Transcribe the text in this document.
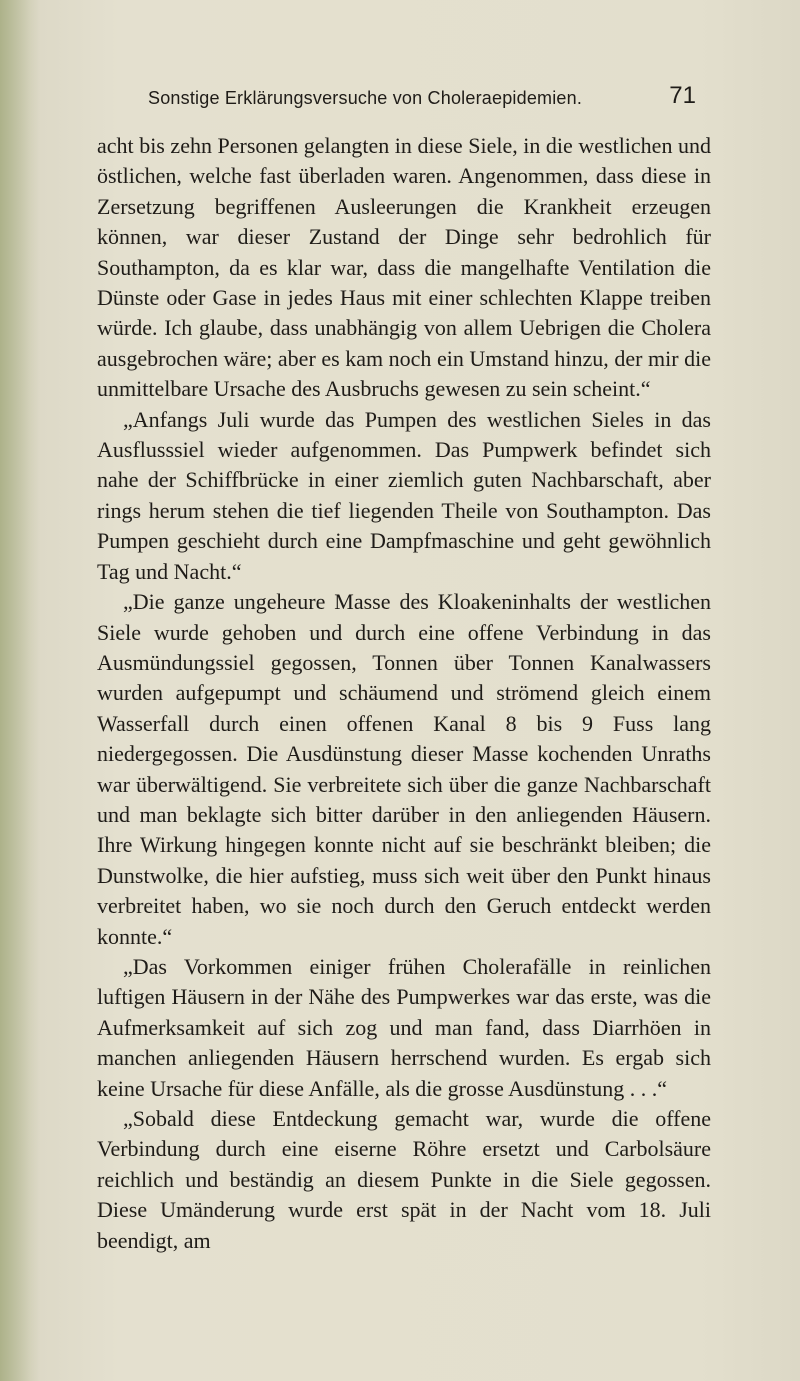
Sonstige Erklärungsversuche von Choleraepidemien.	71

acht bis zehn Personen gelangten in diese Siele, in die westlichen und östlichen, welche fast überladen waren. Angenommen, dass diese in Zersetzung begriffenen Ausleerungen die Krankheit erzeugen können, war dieser Zustand der Dinge sehr bedrohlich für Southampton, da es klar war, dass die mangelhafte Ventilation die Dünste oder Gase in jedes Haus mit einer schlechten Klappe treiben würde. Ich glaube, dass unabhängig von allem Uebrigen die Cholera ausgebrochen wäre; aber es kam noch ein Umstand hinzu, der mir die unmittelbare Ursache des Ausbruchs gewesen zu sein scheint.“

„Anfangs Juli wurde das Pumpen des westlichen Sieles in das Ausflusssiel wieder aufgenommen. Das Pumpwerk befindet sich nahe der Schiffbrücke in einer ziemlich guten Nachbarschaft, aber rings herum stehen die tief liegenden Theile von Southampton. Das Pumpen geschieht durch eine Dampfmaschine und geht gewöhnlich Tag und Nacht.“

„Die ganze ungeheure Masse des Kloakeninhalts der westlichen Siele wurde gehoben und durch eine offene Verbindung in das Ausmündungssiel gegossen, Tonnen über Tonnen Kanalwassers wurden aufgepumpt und schäumend und strömend gleich einem Wasserfall durch einen offenen Kanal 8 bis 9 Fuss lang niedergegossen. Die Ausdünstung dieser Masse kochenden Unraths war überwältigend. Sie verbreitete sich über die ganze Nachbarschaft und man beklagte sich bitter darüber in den anliegenden Häusern. Ihre Wirkung hingegen konnte nicht auf sie beschränkt bleiben; die Dunstwolke, die hier aufstieg, muss sich weit über den Punkt hinaus verbreitet haben, wo sie noch durch den Geruch entdeckt werden konnte.“

„Das Vorkommen einiger frühen Cholerafälle in reinlichen luftigen Häusern in der Nähe des Pumpwerkes war das erste, was die Aufmerksamkeit auf sich zog und man fand, dass Diarrhöen in manchen anliegenden Häusern herrschend wurden. Es ergab sich keine Ursache für diese Anfälle, als die grosse Ausdünstung . . .“

„Sobald diese Entdeckung gemacht war, wurde die offene Verbindung durch eine eiserne Röhre ersetzt und Carbolsäure reichlich und beständig an diesem Punkte in die Siele gegossen. Diese Umänderung wurde erst spät in der Nacht vom 18. Juli beendigt, am
